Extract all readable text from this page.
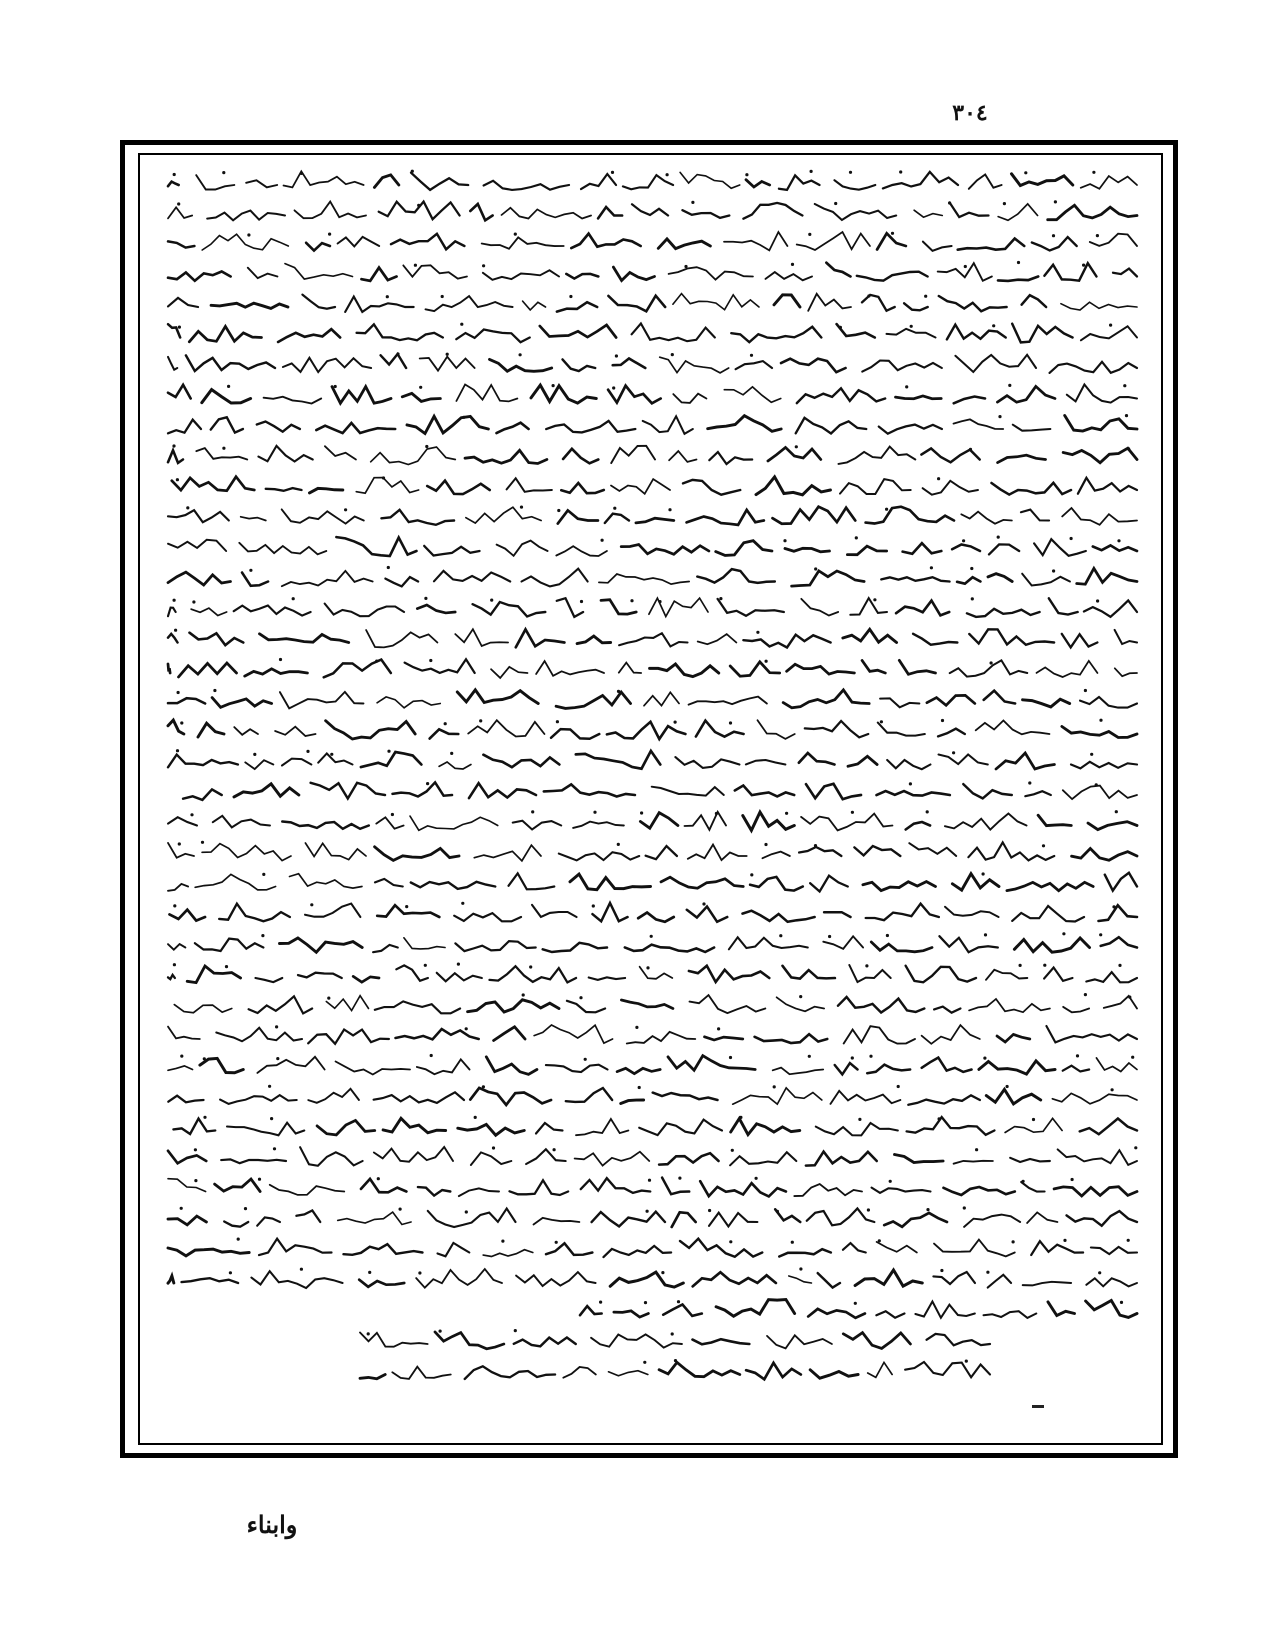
٣٠٤
وابناء
